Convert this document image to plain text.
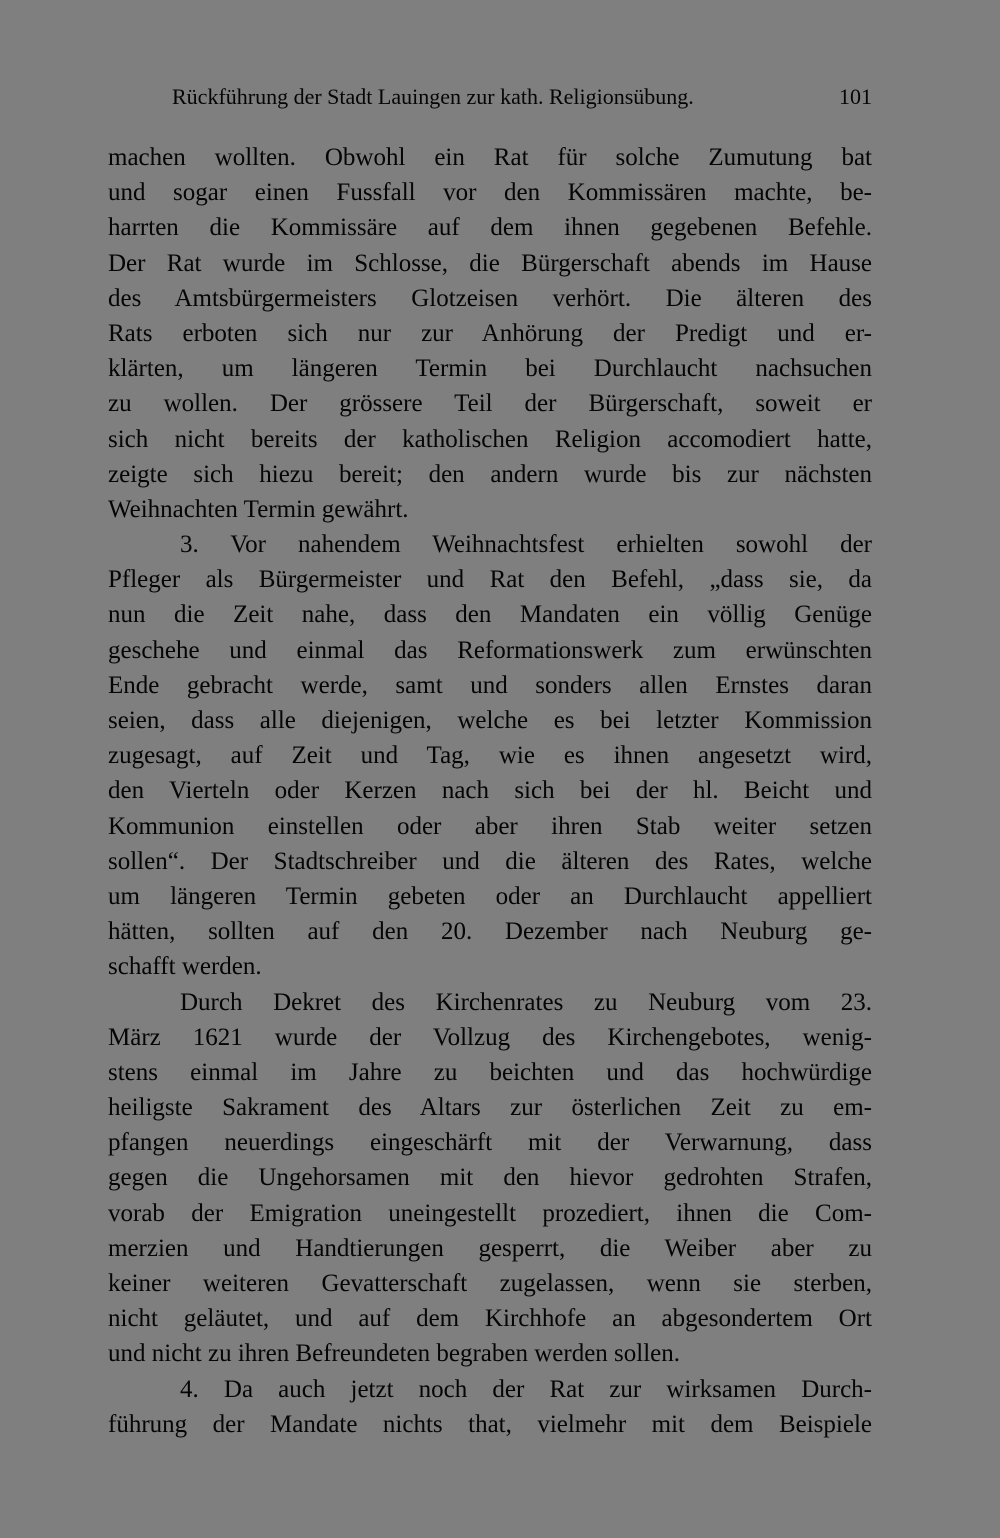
Rückführung der Stadt Lauingen zur kath. Religionsübung.	101
machen wollten. Obwohl ein Rat für solche Zumutung bat
und sogar einen Fussfall vor den Kommissären machte, be-
harrten die Kommissäre auf dem ihnen gegebenen Befehle.
Der Rat wurde im Schlosse, die Bürgerschaft abends im Hause
des Amtsbürgermeisters Glotzeisen verhört. Die älteren des
Rats erboten sich nur zur Anhörung der Predigt und er-
klärten, um längeren Termin bei Durchlaucht nachsuchen
zu wollen. Der grössere Teil der Bürgerschaft, soweit er
sich nicht bereits der katholischen Religion accomodiert hatte,
zeigte sich hiezu bereit; den andern wurde bis zur nächsten
Weihnachten Termin gewährt.
3. Vor nahendem Weihnachtsfest erhielten sowohl der
Pfleger als Bürgermeister und Rat den Befehl, „dass sie, da
nun die Zeit nahe, dass den Mandaten ein völlig Genüge
geschehe und einmal das Reformationswerk zum erwünschten
Ende gebracht werde, samt und sonders allen Ernstes daran
seien, dass alle diejenigen, welche es bei letzter Kommission
zugesagt, auf Zeit und Tag, wie es ihnen angesetzt wird,
den Vierteln oder Kerzen nach sich bei der hl. Beicht und
Kommunion einstellen oder aber ihren Stab weiter setzen
sollen“. Der Stadtschreiber und die älteren des Rates, welche
um längeren Termin gebeten oder an Durchlaucht appelliert
hätten, sollten auf den 20. Dezember nach Neuburg ge-
schafft werden.
Durch Dekret des Kirchenrates zu Neuburg vom 23.
März 1621 wurde der Vollzug des Kirchengebotes, wenig-
stens einmal im Jahre zu beichten und das hochwürdige
heiligste Sakrament des Altars zur österlichen Zeit zu em-
pfangen neuerdings eingeschärft mit der Verwarnung, dass
gegen die Ungehorsamen mit den hievor gedrohten Strafen,
vorab der Emigration uneingestellt prozediert, ihnen die Com-
merzien und Handtierungen gesperrt, die Weiber aber zu
keiner weiteren Gevatterschaft zugelassen, wenn sie sterben,
nicht geläutet, und auf dem Kirchhofe an abgesondertem Ort
und nicht zu ihren Befreundeten begraben werden sollen.
4. Da auch jetzt noch der Rat zur wirksamen Durch-
führung der Mandate nichts that, vielmehr mit dem Beispiele
